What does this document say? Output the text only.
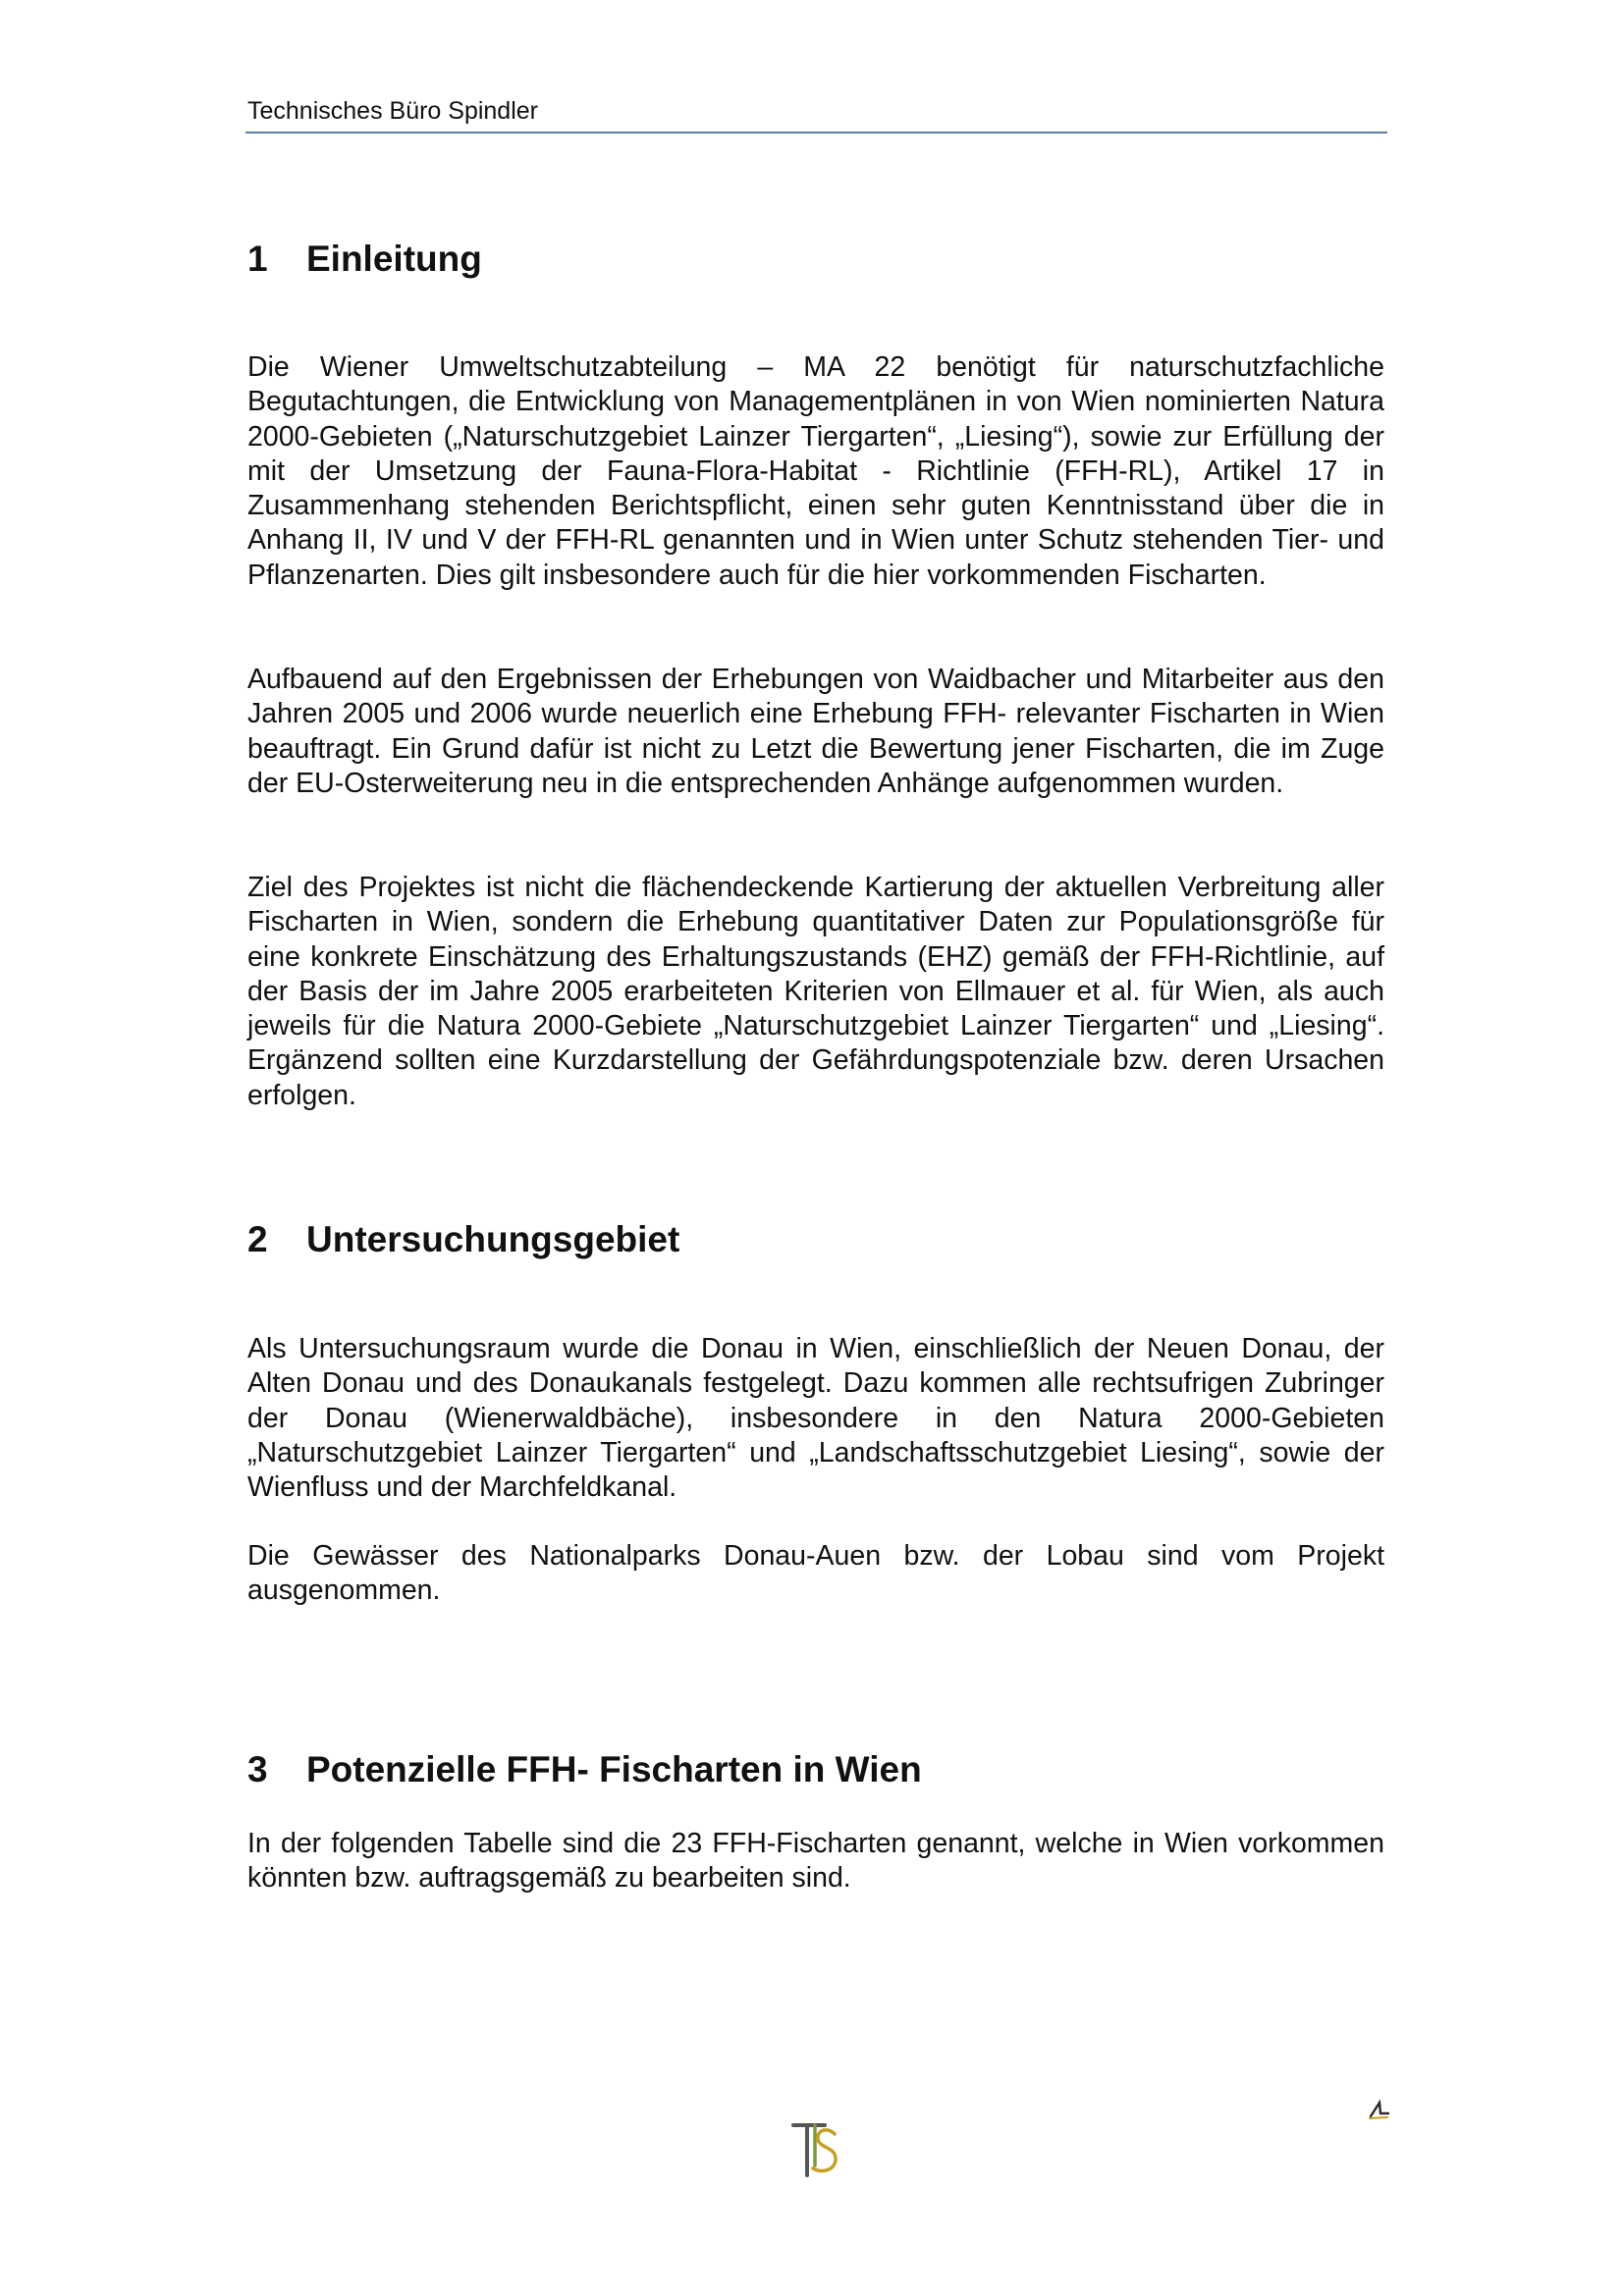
Technisches Büro Spindler
1 Einleitung

Die Wiener Umweltschutzabteilung – MA 22 benötigt für naturschutzfachliche Begutachtungen, die Entwicklung von Managementplänen in von Wien nominierten Natura 2000-Gebieten („Naturschutzgebiet Lainzer Tiergarten“, „Liesing“), sowie zur Erfüllung der mit der Umsetzung der Fauna-Flora-Habitat - Richtlinie (FFH-RL), Artikel 17 in Zusammenhang stehenden Berichtspflicht, einen sehr guten Kenntnisstand über die in Anhang II, IV und V der FFH-RL genannten und in Wien unter Schutz stehenden Tier- und Pflanzenarten. Dies gilt insbesondere auch für die hier vorkommenden Fischarten.

Aufbauend auf den Ergebnissen der Erhebungen von Waidbacher und Mitarbeiter aus den Jahren 2005 und 2006 wurde neuerlich eine Erhebung FFH- relevanter Fischarten in Wien beauftragt. Ein Grund dafür ist nicht zu Letzt die Bewertung jener Fischarten, die im Zuge der EU-Osterweiterung neu in die entsprechenden Anhänge aufgenommen wurden.

Ziel des Projektes ist nicht die flächendeckende Kartierung der aktuellen Verbreitung aller Fischarten in Wien, sondern die Erhebung quantitativer Daten zur Populationsgröße für eine konkrete Einschätzung des Erhaltungszustands (EHZ) gemäß der FFH-Richtlinie, auf der Basis der im Jahre 2005 erarbeiteten Kriterien von Ellmauer et al. für Wien, als auch jeweils für die Natura 2000-Gebiete „Naturschutzgebiet Lainzer Tiergarten“ und „Liesing“. Ergänzend sollten eine Kurzdarstellung der Gefährdungspotenziale bzw. deren Ursachen erfolgen.

2 Untersuchungsgebiet

Als Untersuchungsraum wurde die Donau in Wien, einschließlich der Neuen Donau, der Alten Donau und des Donaukanals festgelegt. Dazu kommen alle rechtsufrigen Zubringer der Donau (Wienerwaldbäche), insbesondere in den Natura 2000-Gebieten „Naturschutzgebiet Lainzer Tiergarten“ und „Landschaftsschutzgebiet Liesing“, sowie der Wienfluss und der Marchfeldkanal.

Die Gewässer des Nationalparks Donau-Auen bzw. der Lobau sind vom Projekt ausgenommen.

3 Potenzielle FFH- Fischarten in Wien

In der folgenden Tabelle sind die 23 FFH-Fischarten genannt, welche in Wien vorkommen könnten bzw. auftragsgemäß zu bearbeiten sind.
